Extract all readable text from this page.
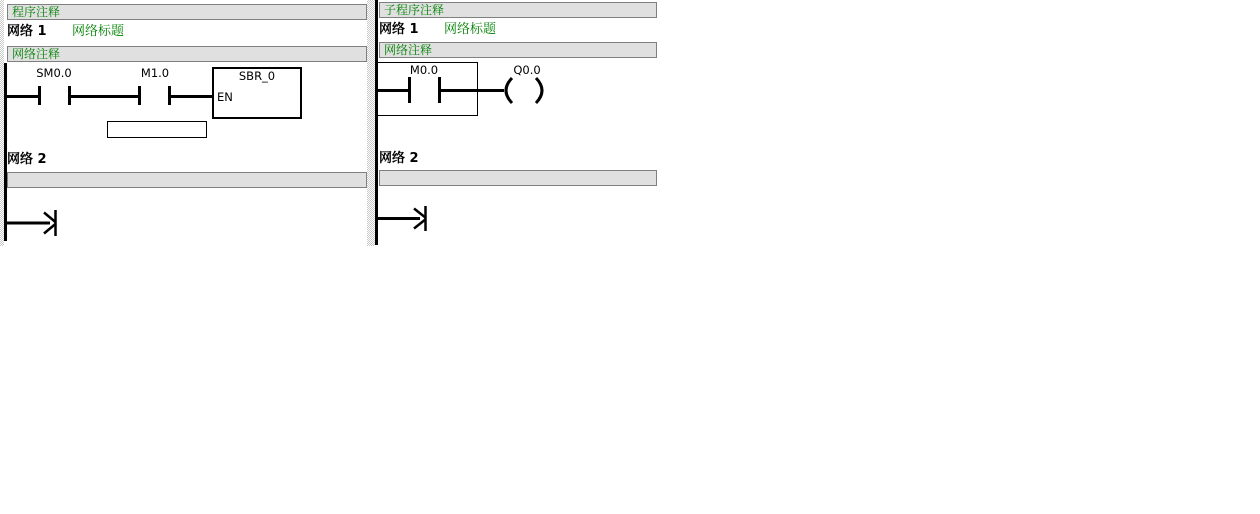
程序注释
网络 1 网络标题
网络注释
网络 2
子程序注释
网络 1 网络标题
网络注释
网络 2
SM0.0	M1.0	SBR_0
EN
M0.0	Q0.0
